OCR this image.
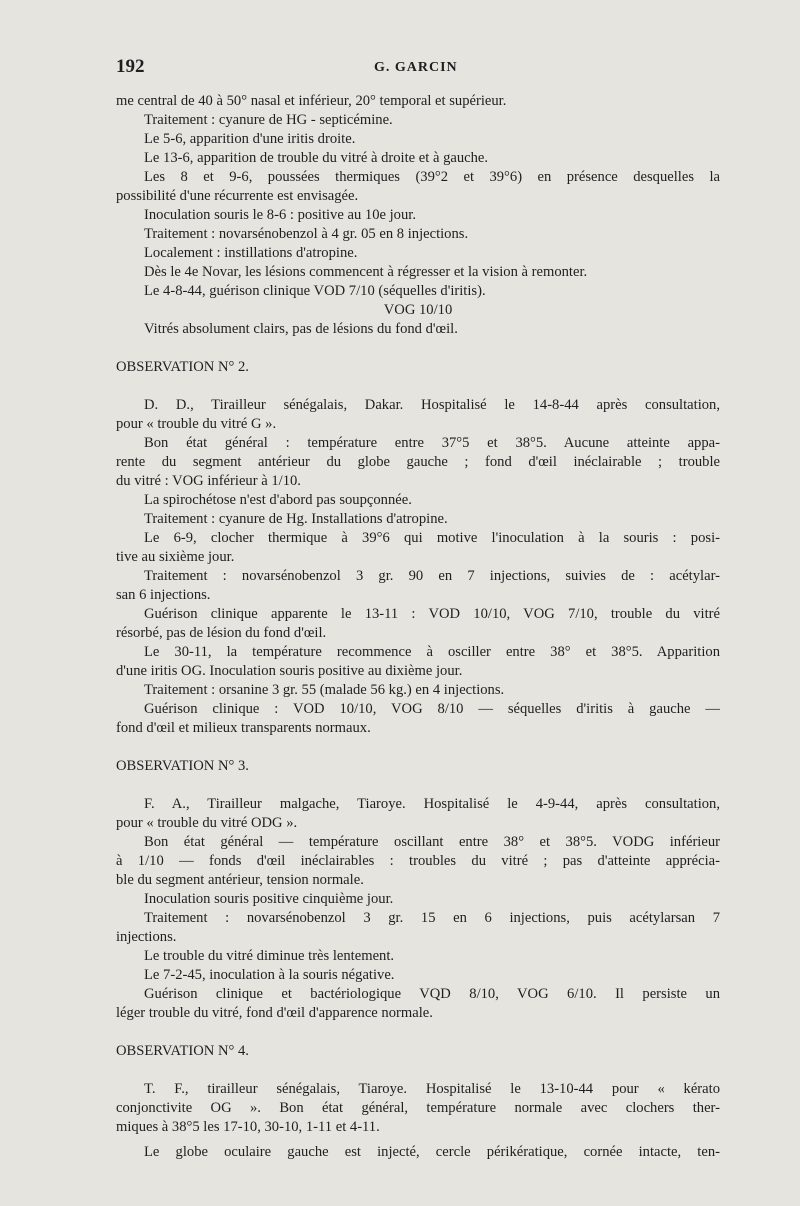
192	G. GARCIN
me central de 40 à 50° nasal et inférieur, 20° temporal et supérieur.
Traitement : cyanure de HG - septicémine.
Le 5-6, apparition d'une iritis droite.
Le 13-6, apparition de trouble du vitré à droite et à gauche.
Les 8 et 9-6, poussées thermiques (39°2 et 39°6) en présence desquelles la
possibilité d'une récurrente est envisagée.
Inoculation souris le 8-6 : positive au 10e jour.
Traitement : novarsénobenzol à 4 gr. 05 en 8 injections.
Localement : instillations d'atropine.
Dès le 4e Novar, les lésions commencent à régresser et la vision à remonter.
Le 4-8-44, guérison clinique VOD 7/10 (séquelles d'iritis).
VOG 10/10
Vitrés absolument clairs, pas de lésions du fond d'œil.
OBSERVATION N° 2.
D. D., Tirailleur sénégalais, Dakar. Hospitalisé le 14-8-44 après consultation,
pour « trouble du vitré G ».
Bon état général : température entre 37°5 et 38°5. Aucune atteinte appa-
rente du segment antérieur du globe gauche ; fond d'œil inéclairable ; trouble
du vitré : VOG inférieur à 1/10.
La spirochétose n'est d'abord pas soupçonnée.
Traitement : cyanure de Hg. Installations d'atropine.
Le 6-9, clocher thermique à 39°6 qui motive l'inoculation à la souris : posi-
tive au sixième jour.
Traitement : novarsénobenzol 3 gr. 90 en 7 injections, suivies de : acétylar-
san 6 injections.
Guérison clinique apparente le 13-11 : VOD 10/10, VOG 7/10, trouble du vitré
résorbé, pas de lésion du fond d'œil.
Le 30-11, la température recommence à osciller entre 38° et 38°5. Apparition
d'une iritis OG. Inoculation souris positive au dixième jour.
Traitement : orsanine 3 gr. 55 (malade 56 kg.) en 4 injections.
Guérison clinique : VOD 10/10, VOG 8/10 — séquelles d'iritis à gauche —
fond d'œil et milieux transparents normaux.
OBSERVATION N° 3.
F. A., Tirailleur malgache, Tiaroye. Hospitalisé le 4-9-44, après consultation,
pour « trouble du vitré ODG ».
Bon état général — température oscillant entre 38° et 38°5. VODG inférieur
à 1/10 — fonds d'œil inéclairables : troubles du vitré ; pas d'atteinte apprécia-
ble du segment antérieur, tension normale.
Inoculation souris positive cinquième jour.
Traitement : novarsénobenzol 3 gr. 15 en 6 injections, puis acétylarsan 7
injections.
Le trouble du vitré diminue très lentement.
Le 7-2-45, inoculation à la souris négative.
Guérison clinique et bactériologique VQD 8/10, VOG 6/10. Il persiste un
léger trouble du vitré, fond d'œil d'apparence normale.
OBSERVATION N° 4.
T. F., tirailleur sénégalais, Tiaroye. Hospitalisé le 13-10-44 pour « kérato
conjonctivite OG ». Bon état général, température normale avec clochers ther-
miques à 38°5 les 17-10, 30-10, 1-11 et 4-11.
Le globe oculaire gauche est injecté, cercle périkératique, cornée intacte, ten-
